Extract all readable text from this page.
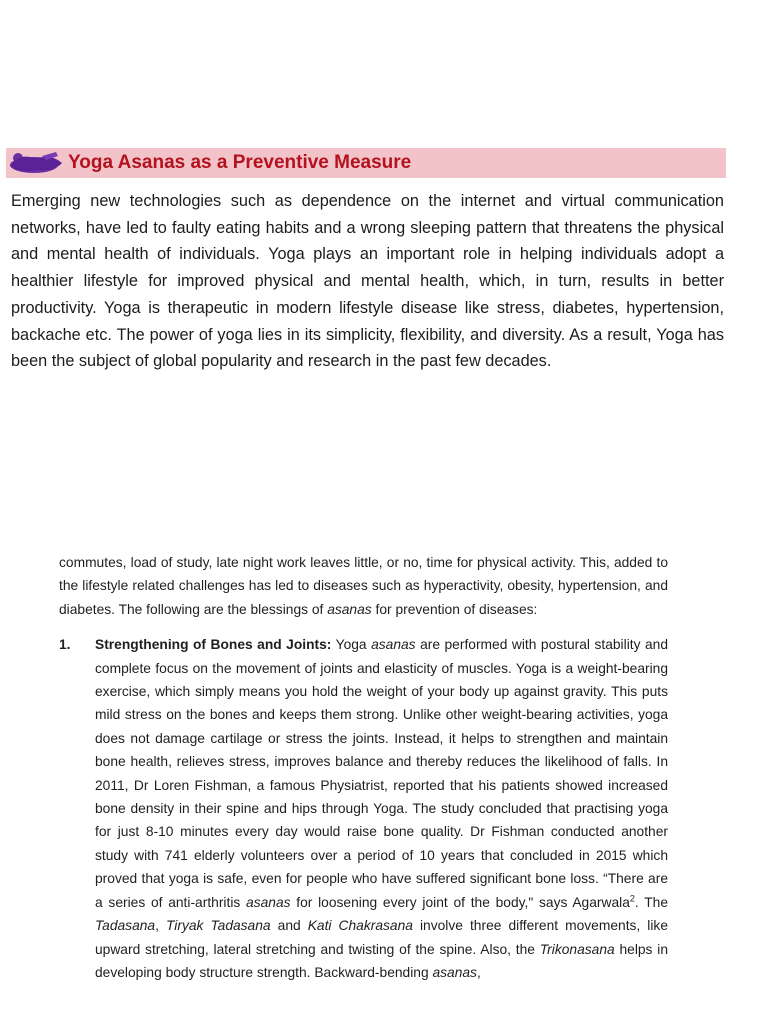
Yoga Asanas as a Preventive Measure

Emerging new technologies such as dependence on the internet and virtual communication networks, have led to faulty eating habits and a wrong sleeping pattern that threatens the physical and mental health of individuals. Yoga plays an important role in helping individuals adopt a healthier lifestyle for improved physical and mental health, which, in turn, results in better productivity. Yoga is therapeutic in modern lifestyle disease like stress, diabetes, hypertension, backache etc. The power of yoga lies in its simplicity, flexibility, and diversity. As a result, Yoga has been the subject of global popularity and research in the past few decades.

commutes, load of study, late night work leaves little, or no, time for physical activity. This, added to the lifestyle related challenges has led to diseases such as hyperactivity, obesity, hypertension, and diabetes. The following are the blessings of asanas for prevention of diseases:

1. Strengthening of Bones and Joints: Yoga asanas are performed with postural stability and complete focus on the movement of joints and elasticity of muscles. Yoga is a weight-bearing exercise, which simply means you hold the weight of your body up against gravity. This puts mild stress on the bones and keeps them strong. Unlike other weight-bearing activities, yoga does not damage cartilage or stress the joints. Instead, it helps to strengthen and maintain bone health, relieves stress, improves balance and thereby reduces the likelihood of falls. In 2011, Dr Loren Fishman, a famous Physiatrist, reported that his patients showed increased bone density in their spine and hips through Yoga. The study concluded that practising yoga for just 8-10 minutes every day would raise bone quality. Dr Fishman conducted another study with 741 elderly volunteers over a period of 10 years that concluded in 2015 which proved that yoga is safe, even for people who have suffered significant bone loss. “There are a series of anti-arthritis asanas for loosening every joint of the body," says Agarwala$^2$. The Tadasana, Tiryak Tadasana and Kati Chakrasana involve three different movements, like upward stretching, lateral stretching and twisting of the spine. Also, the Trikonasana helps in developing body structure strength. Backward-bending asanas,
